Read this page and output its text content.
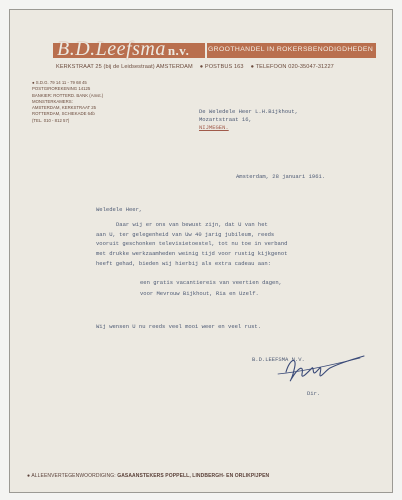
B.D.Leefsma n.v.	GROOTHANDEL IN ROKERSBENODIGDHEDEN
KERKSTRAAT 25 (bij de Leidsestraat) AMSTERDAM ● POSTBUS 163 ● TELEFOON 020-35047-31227
● S.D.G. 79 14 11 - 79 68 45
POSTGIROREKENING 14125
BANKIER: ROTTERD. BANK (Amst.)
MONSTERKAMERS:
AMSTERDAM, KERKSTRAAT 25
ROTTERDAM, SCHIEKADE 64b
(TEL. 010 - 812 57)
De Weledele Heer L.H.Bijkhout,
Mozartstraat 16,
NIJMEGEN.
Amsterdam, 28 januari 1961.
Weledele Heer,
Daar wij er ons van bewust zijn, dat U van het
aan U, ter gelegenheid van Uw 40 jarig jubileum, reeds
vooruit geschonken televisietoestel, tot nu toe in verband
met drukke werkzaamheden weinig tijd voor rustig kijkgenot
heeft gehad, bieden wij hierbij als extra cadeau aan:
een gratis vacantiereis van veertien dagen,
voor Mevrouw Bijkhout, Ria en Uzelf.
Wij wensen U nu reeds veel mooi weer en veel rust.
B.D.LEEFSMA N.V.
Dir.
● ALLEENVERTEGENWOORDIGING: GASAANSTEKERS POPPELL, LINDBERGH- EN ORLIKPIJPEN
